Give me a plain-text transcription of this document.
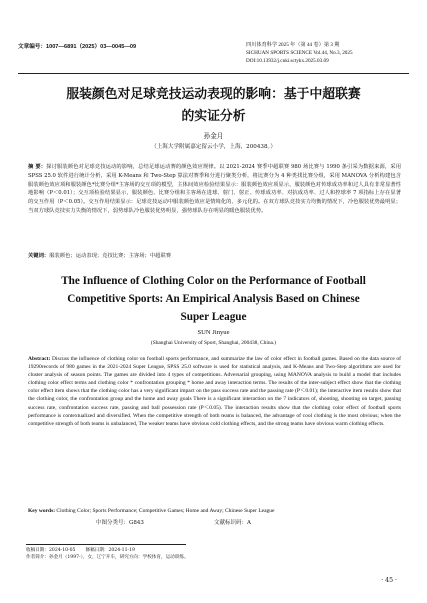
文章编号：1007—6891（2025）03—0045—09	四川体育科学 2025 年（第 44 卷）第 3 期
SICHUAN SPORTS SCIENCE Vol.44, No.3, 2025
DOI:10.13932/j.cnki.sctykx.2025.03.09
服装颜色对足球竞技运动表现的影响：基于中超联赛
的实证分析
孙金月
（上海大学附属嘉定留云小学，上海，200438。）
摘 要：探讨服装颜色对足球竞技运动的影响，总结足球运动赛的颜色效应规律。以 2021-2024 赛季中超联赛 980 场比赛与 1990 条引采为数据来源，采用 SPSS 25.0 软件进行统计分析，采用 K-Means 和 Two-Step 算法对赛季和分进行聚类分析，将比赛分为 4 种类找比赛分组，采用 MANOVA 分析构建包含服装颜色效应项和服装颜色*比赛分组*主客场的交互项的模型，主体间效应检验结果显示：服装颜色效应项显示，服装颜色对传球成功率和过人具有非常显著性地影响（P＜0.01）；交互项检验结果显示，服装颜色、比赛分组和主客场在进球、射门、射正、传球成功率、对抗成功率、过人和控球率 7 项指标上存在显著的交互作用（P＜0.05）。交互作用结果显示：足球竞技运动中服装颜色效应是情境化的、多元化的。在双方球队竞技实力均衡的情况下，冷色服装优势最明显；当双方球队竞技实力失衡的情况下，弱势球队冷色服装优势明显，强势球队存在明显的暖色服装优势。
关键词：服装颜色；运动表现；竞技比赛；主客场；中超联赛
The Influence of Clothing Color on the Performance of Football
Competitive Sports: An Empirical Analysis Based on Chinese
Super League
SUN Jinyue
(Shanghai University of Sport, Shanghai, 200438, China.)
Abstract: Discuss the influence of clothing color on football sports performance, and summarize the law of color effect in football games. Based on the data source of 19290records of 980 games in the 2021-2024 Super League, SPSS 25.0 software is used for statistical analysis, and K-Means and Two-Step algorithms are used for cluster analysis of season points. The games are divided into 4 types of competitions. Adversarial grouping, using MANOVA analysis to build a model that includes clothing color effect terms and clothing color * confrontation grouping * home and away interaction terms. The results of the inter-subject effect show that the clothing color effect item shows that the clothing color has a very significant impact on the pass success rate and the passing rate (P＜0.01); the interactive item results show that the clothing color, the confrontation group and the home and away goals There is a significant interaction on the 7 indicators of, shooting, shooting on target, passing success rate, confrontation success rate, passing and ball possession rate (P＜0.05). The interaction results show that the clothing color effect of football sports performance is contextualized and diversified. When the competitive strength of both teams is balanced, the advantage of cool clothing is the most obvious; when the competitive strength of both teams is unbalanced, The weaker teams have obvious cold clothing effects, and the strong teams have obvious warm clothing effects.
Key words: Clothing Color; Sports Performance; Competitive Games; Home and Away; Chinese Super League
中图分类号：G843	文献标识码：A
收稿日期：2024-10-05 修稿日期：2024-11-19
作者简介：孙金月（1997-），女，辽宁开车，研究方向：学校体育，运动训练。
· 45 ·
